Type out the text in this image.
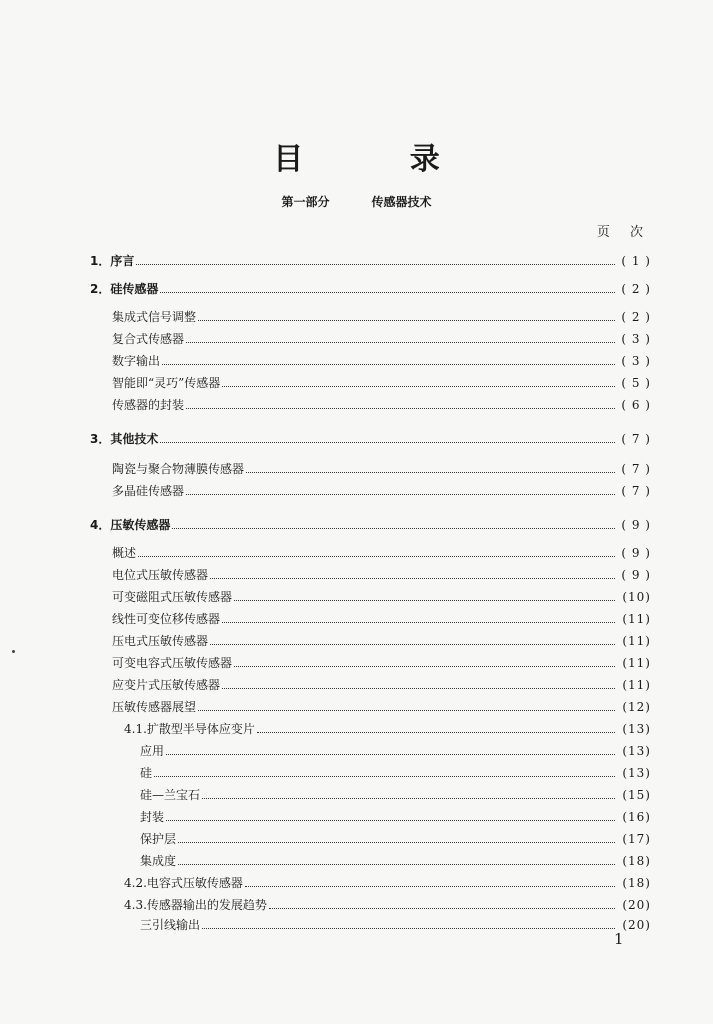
目 录
第一部分	传感器技术
页 次
1．序言	( 1 )
2．硅传感器	( 2 )
集成式信号调整	( 2 )
复合式传感器	( 3 )
数字输出	( 3 )
智能即“灵巧”传感器	( 5 )
传感器的封装	( 6 )
3．其他技术	( 7 )
陶瓷与聚合物薄膜传感器	( 7 )
多晶硅传感器	( 7 )
4．压敏传感器	( 9 )
概述	( 9 )
电位式压敏传感器	( 9 )
可变磁阻式压敏传感器	(10)
线性可变位移传感器	(11)
压电式压敏传感器	(11)
可变电容式压敏传感器	(11)
应变片式压敏传感器	(11)
压敏传感器展望	(12)
4.1.扩散型半导体应变片	(13)
应用	(13)
硅	(13)
硅—兰宝石	(15)
封装	(16)
保护层	(17)
集成度	(18)
4.2.电容式压敏传感器	(18)
4.3.传感器输出的发展趋势	(20)
三引线输出	(20)
1
